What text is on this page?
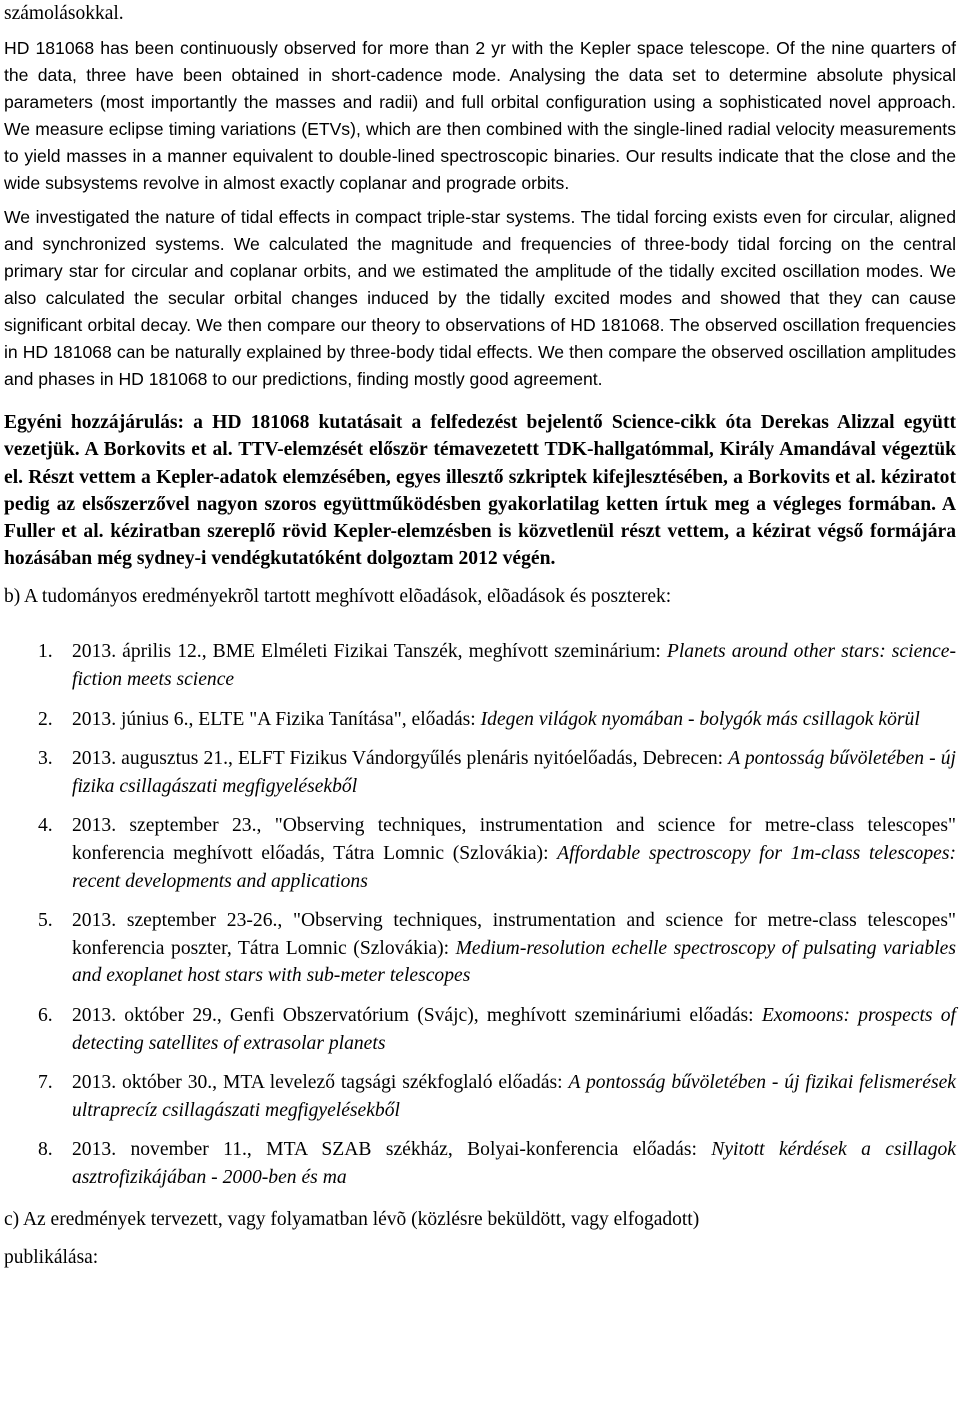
számolásokkal.

HD 181068 has been continuously observed for more than 2 yr with the Kepler space telescope. Of the nine quarters of the data, three have been obtained in short-cadence mode. Analysing the data set to determine absolute physical parameters (most importantly the masses and radii) and full orbital configuration using a sophisticated novel approach. We measure eclipse timing variations (ETVs), which are then combined with the single-lined radial velocity measurements to yield masses in a manner equivalent to double-lined spectroscopic binaries. Our results indicate that the close and the wide subsystems revolve in almost exactly coplanar and prograde orbits.

We investigated the nature of tidal effects in compact triple-star systems. The tidal forcing exists even for circular, aligned and synchronized systems. We calculated the magnitude and frequencies of three-body tidal forcing on the central primary star for circular and coplanar orbits, and we estimated the amplitude of the tidally excited oscillation modes. We also calculated the secular orbital changes induced by the tidally excited modes and showed that they can cause significant orbital decay. We then compare our theory to observations of HD 181068. The observed oscillation frequencies in HD 181068 can be naturally explained by three-body tidal effects. We then compare the observed oscillation amplitudes and phases in HD 181068 to our predictions, finding mostly good agreement.

Egyéni hozzájárulás: a HD 181068 kutatásait a felfedezést bejelentő Science-cikk óta Derekas Alizzal együtt vezetjük. A Borkovits et al. TTV-elemzését először témavezetett TDK-hallgatómmal, Király Amandával végeztük el. Részt vettem a Kepler-adatok elemzésében, egyes illesztő szkriptek kifejlesztésében, a Borkovits et al. kéziratot pedig az elsőszerzővel nagyon szoros együttműködésben gyakorlatilag ketten írtuk meg a végleges formában. A Fuller et al. kéziratban szereplő rövid Kepler-elemzésben is közvetlenül részt vettem, a kézirat végső formájára hozásában még sydney-i vendégkutatóként dolgoztam 2012 végén.

b) A tudományos eredményekrõl tartott meghívott elõadások, elõadások és poszterek:

1. 2013. április 12., BME Elméleti Fizikai Tanszék, meghívott szeminárium: Planets around other stars: science-fiction meets science
2. 2013. június 6., ELTE "A Fizika Tanítása", előadás: Idegen világok nyomában - bolygók más csillagok körül
3. 2013. augusztus 21., ELFT Fizikus Vándorgyűlés plenáris nyitóelőadás, Debrecen: A pontosság bűvöletében - új fizika csillagászati megfigyelésekből
4. 2013. szeptember 23., "Observing techniques, instrumentation and science for metre-class telescopes" konferencia meghívott előadás, Tátra Lomnic (Szlovákia): Affordable spectroscopy for 1m-class telescopes: recent developments and applications
5. 2013. szeptember 23-26., "Observing techniques, instrumentation and science for metre-class telescopes" konferencia poszter, Tátra Lomnic (Szlovákia): Medium-resolution echelle spectroscopy of pulsating variables and exoplanet host stars with sub-meter telescopes
6. 2013. október 29., Genfi Obszervatórium (Svájc), meghívott szemináriumi előadás: Exomoons: prospects of detecting satellites of extrasolar planets
7. 2013. október 30., MTA levelező tagsági székfoglaló előadás: A pontosság bűvöletében - új fizikai felismerések ultraprecíz csillagászati megfigyelésekből
8. 2013. november 11., MTA SZAB székház, Bolyai-konferencia előadás: Nyitott kérdések a csillagok asztrofizikájában - 2000-ben és ma

c) Az eredmények tervezett, vagy folyamatban lévõ (közlésre beküldött, vagy elfogadott)

publikálása:
